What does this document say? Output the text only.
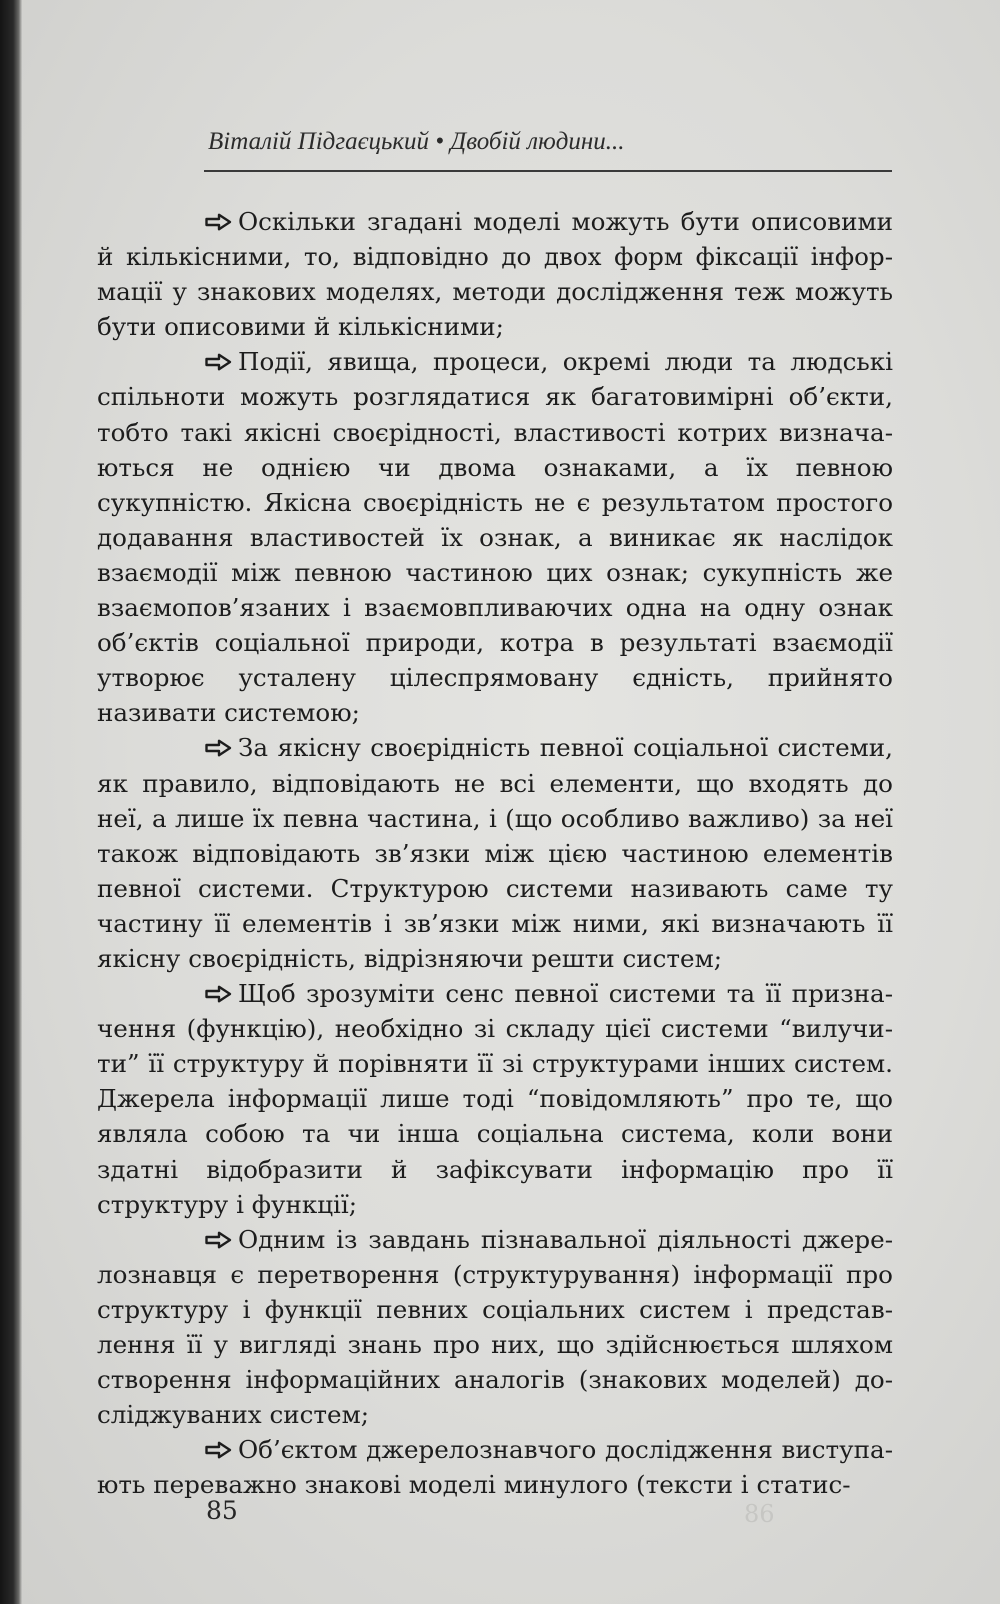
Віталій Підгаєцький • Двобій людини...

Оскільки згадані моделі можуть бути описовими й кількісними, то, відповідно до двох форм фіксації інформації у знакових моделях, методи дослідження теж можуть бути описовими й кількісними;

Події, явища, процеси, окремі люди та людські спільноти можуть розглядатися як багатовимірні об’єкти, тобто такі якісні своєрідності, властивості котрих визначаються не однією чи двома ознаками, а їх певною сукупністю. Якісна своєрідність не є результатом простого додавання властивостей їх ознак, а виникає як наслідок взаємодії між певною частиною цих ознак; сукупність же взаємопов’язаних і взаємовпливаючих одна на одну ознак об’єктів соціальної природи, котра в результаті взаємодії утворює усталену цілеспрямовану єдність, прийнято називати системою;

За якісну своєрідність певної соціальної системи, як правило, відповідають не всі елементи, що входять до неї, а лише їх певна частина, і (що особливо важливо) за неї також відповідають зв’язки між цією частиною елементів певної системи. Структурою системи називають саме ту частину її елементів і зв’язки між ними, які визначають її якісну своєрідність, відрізняючи решти систем;

Щоб зрозуміти сенс певної системи та її призначення (функцію), необхідно зі складу цієї системи “вилучити” її структуру й порівняти її зі структурами інших систем. Джерела інформації лише тоді “повідомляють” про те, що являла собою та чи інша соціальна система, коли вони здатні відобразити й зафіксувати інформацію про її структуру і функції;

Одним із завдань пізнавальної діяльності джерелознавця є перетворення (структурування) інформації про структуру і функції певних соціальних систем і представлення її у вигляді знань про них, що здійснюється шляхом створення інформаційних аналогів (знакових моделей) досліджуваних систем;

Об’єктом джерелознавчого дослідження виступають переважно знакові моделі минулого (тексти і статис-

85	86
